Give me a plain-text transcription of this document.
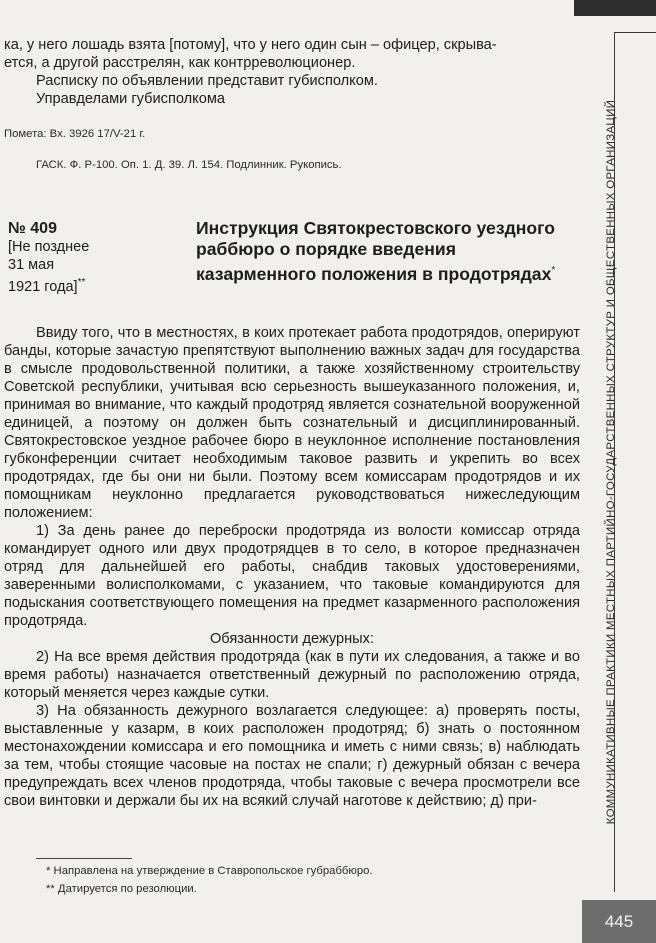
КОММУНИКАТИВНЫЕ ПРАКТИКИ МЕСТНЫХ ПАРТИЙНО-ГОСУДАРСТВЕННЫХ СТРУКТУР И ОБЩЕСТВЕННЫХ ОРГАНИЗАЦИЙ
445

ка, у него лошадь взята [потому], что у него один сын – офицер, скрыва-

ется, а другой расстрелян, как контрреволюционер.

Расписку по объявлении представит губисполком.

Управделами губисполкома

Помета: Вх. 3926 17/V-21 г.
ГАСК. Ф. Р-100. Оп. 1. Д. 39. Л. 154. Подлинник. Рукопись.
№ 409
[Не позднее
31 мая
1921 года]**
Инструкция Святокрестовского уездного раббюро о порядке введения казарменного положения в продотрядах*

Ввиду того, что в местностях, в коих протекает работа продотрядов, оперируют банды, которые зачастую препятствуют выполнению важных задач для государства в смысле продовольственной политики, а также хозяйственному строительству Советской республики, учитывая всю серьезность вышеуказанного положения, и, принимая во внимание, что каждый продотряд является сознательной вооруженной единицей, а поэтому он должен быть сознательный и дисциплинированный. Святокрестовское уездное рабочее бюро в неуклонное исполнение постановления губконференции считает необходимым таковое развить и укрепить во всех продотрядах, где бы они ни были. Поэтому всем комиссарам продотрядов и их помощникам неуклонно предлагается руководствоваться нижеследующим положением:

1) За день ранее до переброски продотряда из волости комиссар отряда командирует одного или двух продотрядцев в то село, в которое предназначен отряд для дальнейшей его работы, снабдив таковых удостоверениями, заверенными волисполкомами, с указанием, что таковые командируются для подыскания соответствующего помещения на предмет казарменного расположения продотряда.

Обязанности дежурных:

2) На все время действия продотряда (как в пути их следования, а также и во время работы) назначается ответственный дежурный по расположению отряда, который меняется через каждые сутки.

3) На обязанность дежурного возлагается следующее: а) проверять посты, выставленные у казарм, в коих расположен продотряд; б) знать о постоянном местонахождении комиссара и его помощника и иметь с ними связь; в) наблюдать за тем, чтобы стоящие часовые на постах не спали; г) дежурный обязан с вечера предупреждать всех членов продотряда, чтобы таковые с вечера просмотрели все свои винтовки и держали бы их на всякий случай наготове к действию; д) при-

* Направлена на утверждение в Ставропольское губраббюро.
** Датируется по резолюции.
